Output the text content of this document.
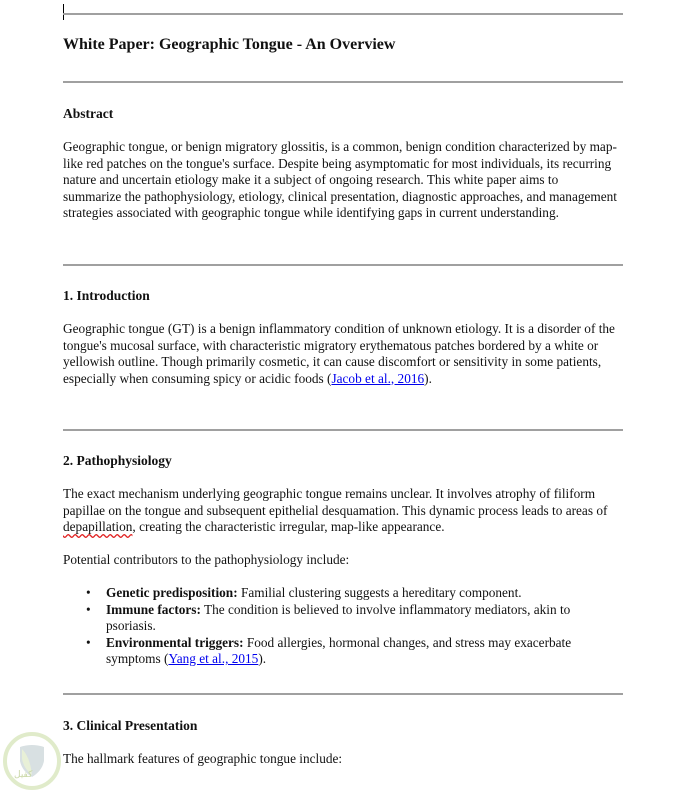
White Paper: Geographic Tongue - An Overview
Abstract

Geographic tongue, or benign migratory glossitis, is a common, benign condition characterized by map-like red patches on the tongue's surface. Despite being asymptomatic for most individuals, its recurring nature and uncertain etiology make it a subject of ongoing research. This white paper aims to summarize the pathophysiology, etiology, clinical presentation, diagnostic approaches, and management strategies associated with geographic tongue while identifying gaps in current understanding.

1. Introduction

Geographic tongue (GT) is a benign inflammatory condition of unknown etiology. It is a disorder of the tongue's mucosal surface, with characteristic migratory erythematous patches bordered by a white or yellowish outline. Though primarily cosmetic, it can cause discomfort or sensitivity in some patients, especially when consuming spicy or acidic foods (Jacob et al., 2016).

2. Pathophysiology

The exact mechanism underlying geographic tongue remains unclear. It involves atrophy of filiform papillae on the tongue and subsequent epithelial desquamation. This dynamic process leads to areas of depapillation, creating the characteristic irregular, map-like appearance.

Potential contributors to the pathophysiology include:

• Genetic predisposition: Familial clustering suggests a hereditary component.
• Immune factors: The condition is believed to involve inflammatory mediators, akin to psoriasis.
• Environmental triggers: Food allergies, hormonal changes, and stress may exacerbate symptoms (Yang et al., 2015).
3. Clinical Presentation

The hallmark features of geographic tongue include:

كفيل
